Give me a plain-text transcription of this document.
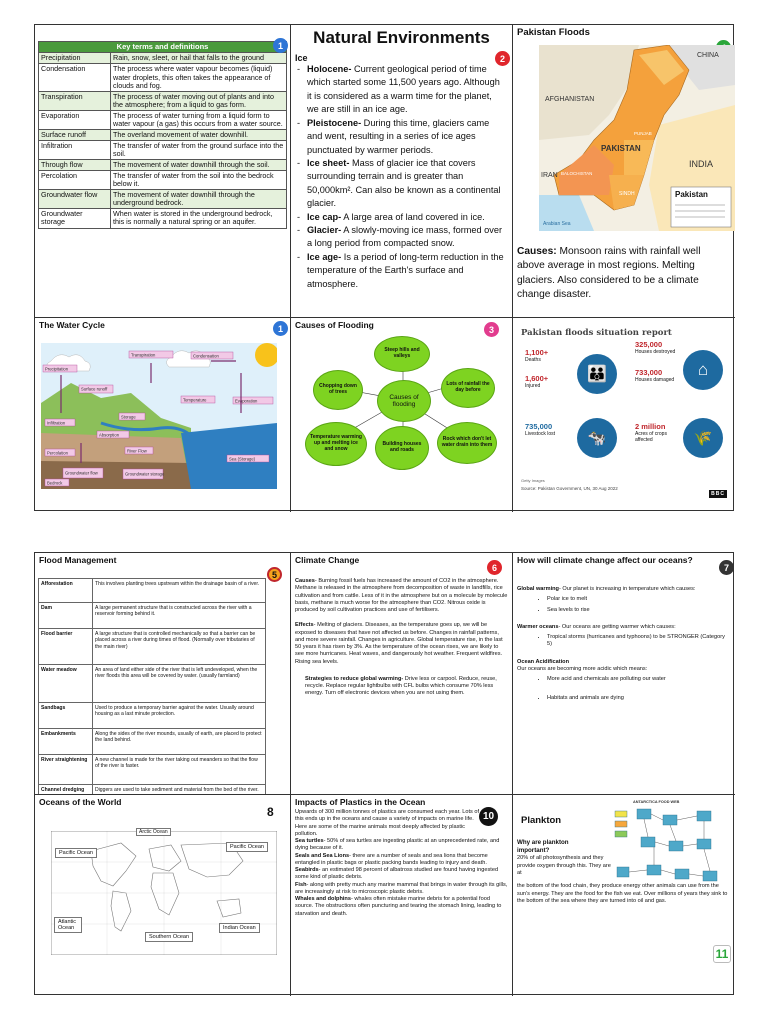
1
Key terms and definitions	
Precipitation	Rain, snow, sleet, or hail that falls to the ground
Condensation	The process where water vapour becomes (liquid) water droplets, this often takes the appearance of clouds and fog.
Transpiration	The process of water moving out of plants and into the atmosphere; from a liquid to gas form.
Evaporation	The process of water turning from a liquid form to water vapour (a gas) this occurs from a water source.
Surface runoff	The overland movement of water downhill.
Infiltration	The transfer of water from the ground surface into the soil.
Through flow	The movement of water downhill through the soil.
Percolation	The transfer of water from the soil into the bedrock below it.
Groundwater flow	The movement of water downhill through the underground bedrock.
Groundwater storage	When water is stored in the underground bedrock, this is normally a natural spring or an aquifer.
Natural Environments
2
Ice
- Holocene- Current geological period of time which started some 11,500 years ago. Although it is considered as a warm time for the planet, we are still in an ice age.
- Pleistocene- During this time, glaciers came and went, resulting in a series of ice ages punctuated by warmer periods.
- Ice sheet- Mass of glacier ice that covers surrounding terrain and is greater than 50,000km². Can also be known as a continental glacier.
- Ice cap- A large area of land covered in ice.
- Glacier- A slowly-moving ice mass, formed over a long period from compacted snow.
- Ice age- Is a period of long-term reduction in the temperature of the Earth's surface and atmosphere.
Pakistan Floods
AFGHANISTAN
PAKISTAN
INDIA
IRAN
CHINA
BALOCHISTAN
PUNJAB
SINDH
Arabian Sea
Pakistan
Causes: Monsoon rains with rainfall well above average in most regions. Melting glaciers. Also considered to be a climate change disaster.
The Water Cycle	1
Precipitation
Transpiration	Condensation
Surface runoff
Temperature	Evaporation
Infiltration
Storage
Absorption
Percolation	River Flow
Sea (Storage)
Groundwater flow	Groundwater storage
Bedrock
Causes of Flooding	3
Causes of flooding
Steep hills and valleys
Lots of rainfall the day before
Rock which don't let water drain into them
Building houses and roads
Temperature warming up and melting ice and snow
Chopping down of trees
Pakistan floods situation report
1,100+
Deaths
1,600+
Injured
👪
325,000
Houses destroyed
733,000
Houses damaged
⌂
735,000
Livestock lost	🐄
2 million
Acres of crops affected	🌾
Getty Images
Source: Pakistan Government, UN, 30 Aug 2022
BBC
Flood Management
5
Afforestation	This involves planting trees upstream within the drainage basin of a river.
Dam	A large permanent structure that is constructed across the river with a reservoir forming behind it.
Flood barrier	A large structure that is controlled mechanically so that a barrier can be placed across a river during times of flood. (Normally over tributaries of the main river)
Water meadow	An area of land either side of the river that is left undeveloped, when the river floods this area will be covered by water. (usually farmland)
Sandbags	Used to produce a temporary barrier against the water. Usually around housing as a last minute protection.
Embankments	Along the sides of the river mounds, usually of earth, are placed to protect the land behind.
River straightening	A new channel is made for the river taking out meanders so that the flow of the river is faster.
Channel dredging	Diggers are used to take sediment and material from the bed of the river.
Climate Change
6

Causes- Burning fossil fuels has increased the amount of CO2 in the atmosphere. Methane is released in the atmosphere from decomposition of waste in landfills, rice cultivation and from cattle. Less of it in the atmosphere but on a molecule by molecule basis, methane is much worse for the atmosphere than CO2. Nitrous oxide is produced by soil cultivation practices and use of fertilisers.

Effects- Melting of glaciers. Diseases, as the temperature goes up, we will be exposed to diseases that have not affected us before. Changes in rainfall patterns, and more severe rainfall. Changes in agriculture. Global temperature rise, in the last 50 years it has risen by 3%. As the temperature of the ocean rises, we are likely to see more hurricanes. Heat waves, and dangerously hot weather. Frequent wildfires. Rising sea levels.

Strategies to reduce global warming- Drive less or carpool. Reduce, reuse, recycle. Replace regular lightbulbs with CFL bulbs which consume 70% less energy. Turn off electronic devices when you are not using them.

How will climate change affect our oceans?
7
Global warming- Our planet is increasing in temperature which causes:
• Polar ice to melt
• Sea levels to rise
Warmer oceans- Our oceans are getting warmer which causes:
• Tropical storms (hurricanes and typhoons) to be STRONGER (Category 5)
Ocean Acidification
Our oceans are becoming more acidic which means:
• More acid and chemicals are polluting our water
• Habitats and animals are dying
Oceans of the World
8
Arctic Ocean
Pacific Ocean
Pacific Ocean
Atlantic Ocean
Southern Ocean
Indian Ocean
Impacts of Plastics in the Ocean
10

Upwards of 300 million tonnes of plastics are consumed each year. Lots of this ends up in the oceans and cause a variety of impacts on marine life. Here are some of the marine animals most deeply affected by plastic pollution.

Sea turtles- 50% of sea turtles are ingesting plastic at an unprecedented rate, and dying because of it.

Seals and Sea Lions- there are a number of seals and sea lions that become entangled in plastic bags or plastic packing bands leading to injury and death.

Seabirds- an estimated 98 percent of albatross studied are found having ingested some kind of plastic debris.

Fish- along with pretty much any marine mammal that brings in water through its gills, are increasingly at risk to microscopic plastic debris.

Whales and dolphins- whales often mistake marine debris for a potential food source. The obstructions often puncturing and tearing the stomach lining, leading to starvation and death.

Plankton
ANTARCTICA FOOD WEB
Why are plankton important?
20% of all photosynthesis and they provide oxygen through this. They are at
the bottom of the food chain, they produce energy other animals can use from the sun's energy. They are the food for the fish we eat. Over millions of years they sink to the bottom of the sea where they are turned into oil and gas.
11
